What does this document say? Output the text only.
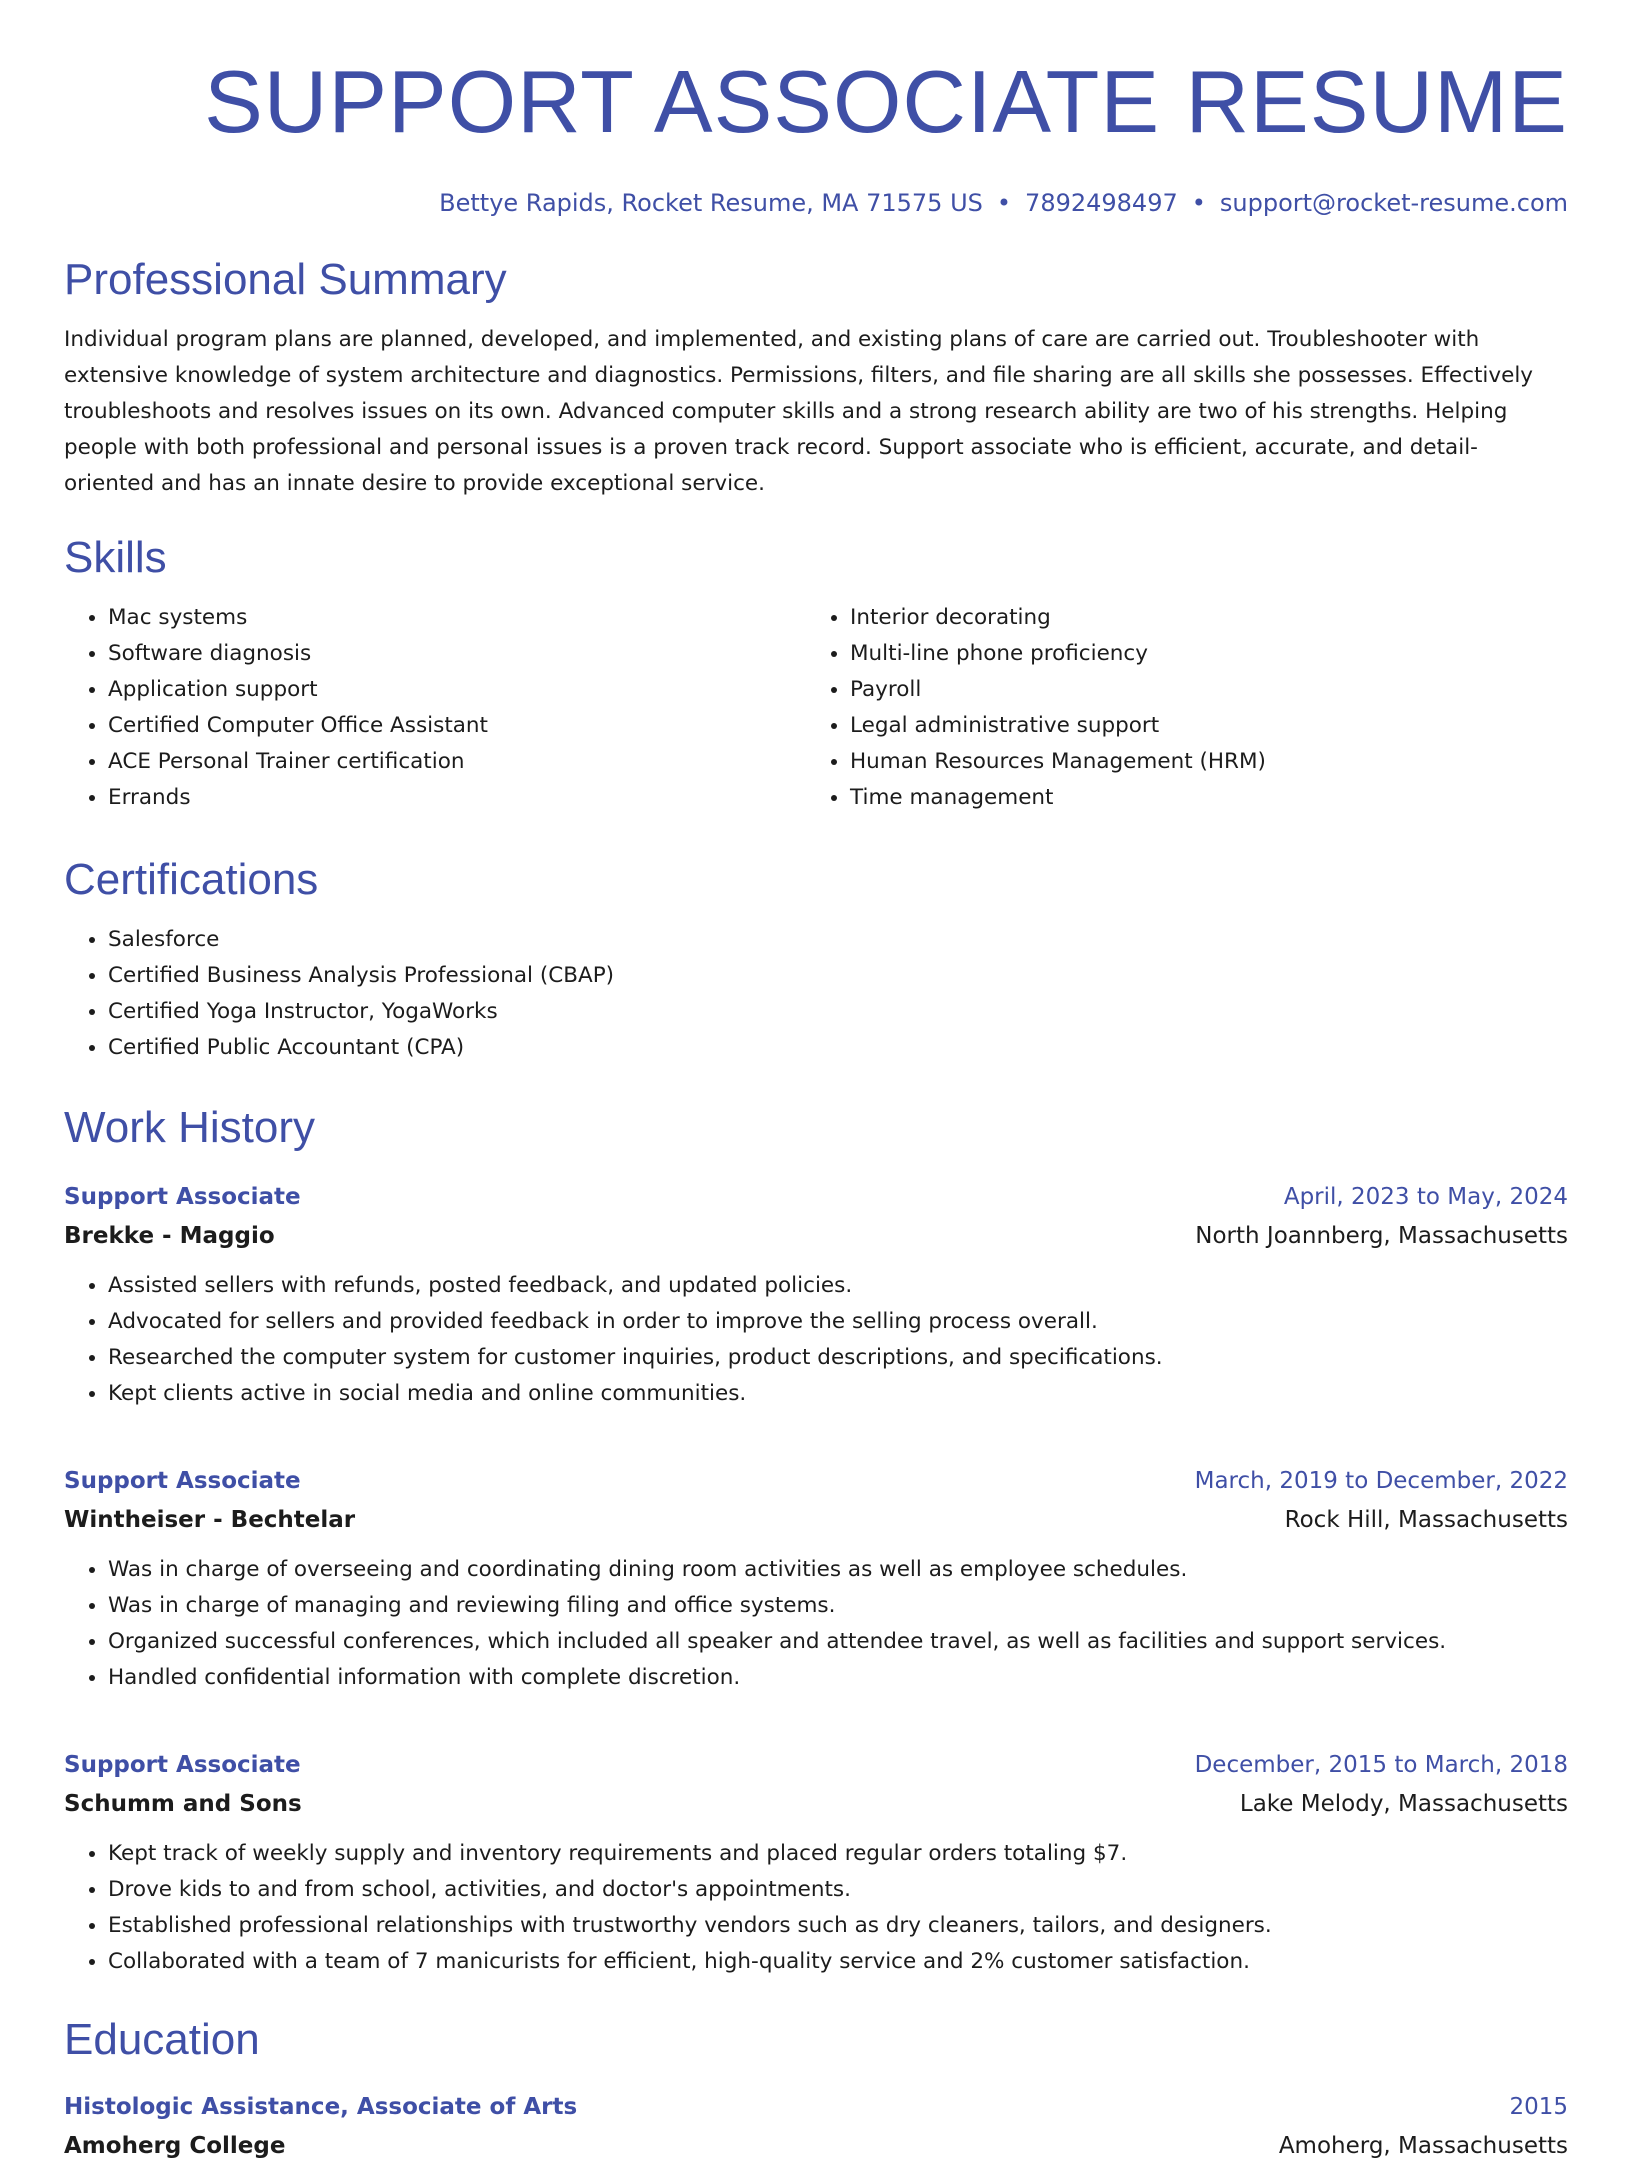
SUPPORT ASSOCIATE RESUME
Bettye Rapids, Rocket Resume, MA 71575 US • 7892498497 • support@rocket-resume.com
Professional Summary

Individual program plans are planned, developed, and implemented, and existing plans of care are carried out. Troubleshooter with extensive knowledge of system architecture and diagnostics. Permissions, filters, and file sharing are all skills she possesses. Effectively troubleshoots and resolves issues on its own. Advanced computer skills and a strong research ability are two of his strengths. Helping people with both professional and personal issues is a proven track record. Support associate who is efficient, accurate, and detail-oriented and has an innate desire to provide exceptional service.

Skills
• Mac systems
• Software diagnosis
• Application support
• Certified Computer Office Assistant
• ACE Personal Trainer certification
• Errands
• Interior decorating
• Multi-line phone proficiency
• Payroll
• Legal administrative support
• Human Resources Management (HRM)
• Time management
Certifications
• Salesforce
• Certified Business Analysis Professional (CBAP)
• Certified Yoga Instructor, YogaWorks
• Certified Public Accountant (CPA)
Work History
Support Associate	April, 2023 to May, 2024
Brekke - Maggio	North Joannberg, Massachusetts
• Assisted sellers with refunds, posted feedback, and updated policies.
• Advocated for sellers and provided feedback in order to improve the selling process overall.
• Researched the computer system for customer inquiries, product descriptions, and specifications.
• Kept clients active in social media and online communities.
Support Associate	March, 2019 to December, 2022
Wintheiser - Bechtelar	Rock Hill, Massachusetts
• Was in charge of overseeing and coordinating dining room activities as well as employee schedules.
• Was in charge of managing and reviewing filing and office systems.
• Organized successful conferences, which included all speaker and attendee travel, as well as facilities and support services.
• Handled confidential information with complete discretion.
Support Associate	December, 2015 to March, 2018
Schumm and Sons	Lake Melody, Massachusetts
• Kept track of weekly supply and inventory requirements and placed regular orders totaling $7.
• Drove kids to and from school, activities, and doctor's appointments.
• Established professional relationships with trustworthy vendors such as dry cleaners, tailors, and designers.
• Collaborated with a team of 7 manicurists for efficient, high-quality service and 2% customer satisfaction.
Education
Histologic Assistance, Associate of Arts	2015
Amoherg College	Amoherg, Massachusetts
